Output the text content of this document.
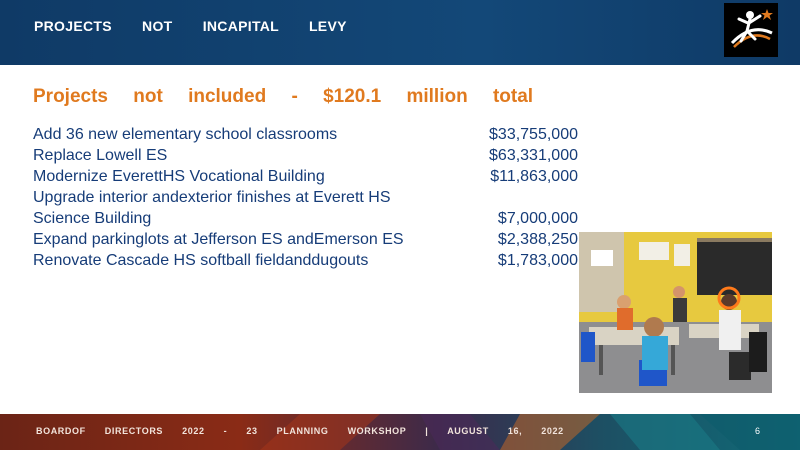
PROJECTS NOT INCAPITAL LEVY
Projects not included - $120.1 million total
Add 36 new elementary school classrooms	$33,755,000
Replace Lowell ES	$63,331,000
Modernize EverettHS Vocational Building	$11,863,000
Upgrade interior andexterior finishes at Everett HS
Science Building	$7,000,000
Expand parkinglots at Jefferson ES andEmerson ES	$2,388,250
Renovate Cascade HS softball fieldanddugouts	$1,783,000
BOARDOF DIRECTORS 2022 - 23 PLANNING WORKSHOP | AUGUST 16, 2022	6
